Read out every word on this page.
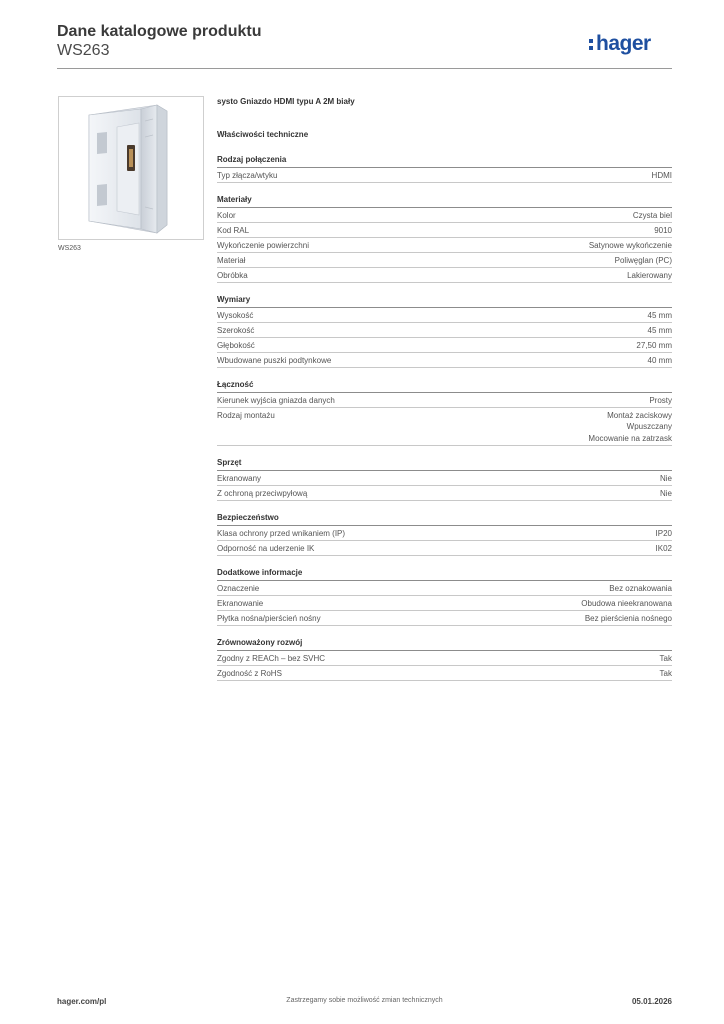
Dane katalogowe produktu
WS263	hager
WS263
systo Gniazdo HDMI typu A 2M biały
Właściwości techniczne
Rodzaj połączenia
Typ złącza/wtyku	HDMI
Materiały
Kolor	Czysta biel
Kod RAL	9010
Wykończenie powierzchni	Satynowe wykończenie
Materiał	Poliwęglan (PC)
Obróbka	Lakierowany
Wymiary
Wysokość	45 mm
Szerokość	45 mm
Głębokość	27,50 mm
Wbudowane puszki podtynkowe	40 mm
Łączność
Kierunek wyjścia gniazda danych	Prosty
Rodzaj montażu	Montaż zaciskowy
Wpuszczany
Mocowanie na zatrzask
Sprzęt
Ekranowany	Nie
Z ochroną przeciwpyłową	Nie
Bezpieczeństwo
Klasa ochrony przed wnikaniem (IP)	IP20
Odporność na uderzenie IK	IK02
Dodatkowe informacje
Oznaczenie	Bez oznakowania
Ekranowanie	Obudowa nieekranowana
Płytka nośna/pierścień nośny	Bez pierścienia nośnego
Zrównoważony rozwój
Zgodny z REACh – bez SVHC	Tak
Zgodność z RoHS	Tak
hager.com/pl	Zastrzegamy sobie możliwość zmian technicznych	05.01.2026
